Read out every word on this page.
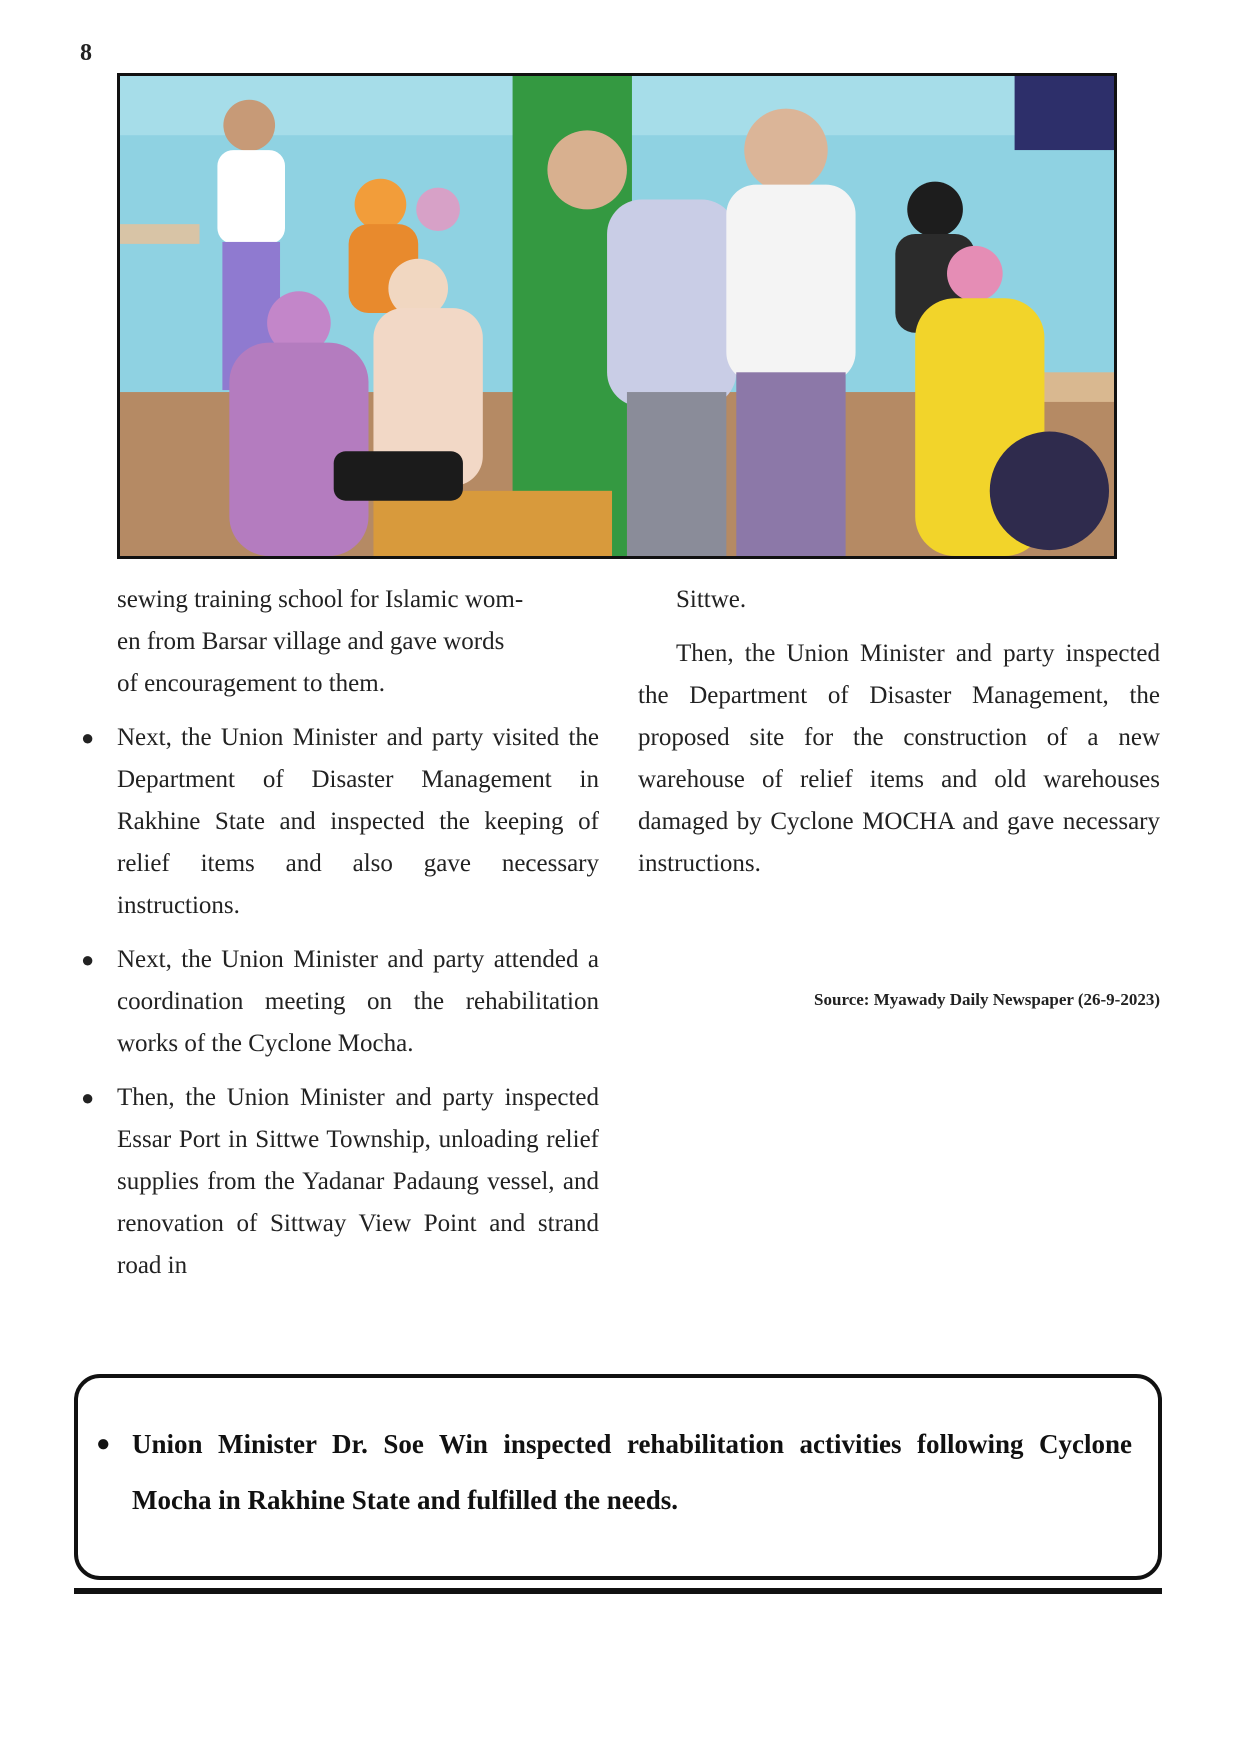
8

sewing training school for Islamic wom-

en from Barsar village and gave words

of encouragement to them.

● Next, the Union Minister and party visited the Department of Disaster Management in Rakhine State and inspected the keeping of relief items and also gave necessary instructions.
● Next, the Union Minister and party attended a coordination meeting on the rehabilitation works of the Cyclone Mocha.
● Then, the Union Minister and party inspected Essar Port in Sittwe Township, unloading relief supplies from the Yadanar Padaung vessel, and renovation of Sittway View Point and strand road in

Sittwe.

Then, the Union Minister and party inspected the Department of Disaster Management, the proposed site for the construction of a new warehouse of relief items and old warehouses damaged by Cyclone MOCHA and gave necessary instructions.

Source: Myawady Daily Newspaper (26-9-2023)
● Union Minister Dr. Soe Win inspected rehabilitation activities following Cyclone Mocha in Rakhine State and fulfilled the needs.
